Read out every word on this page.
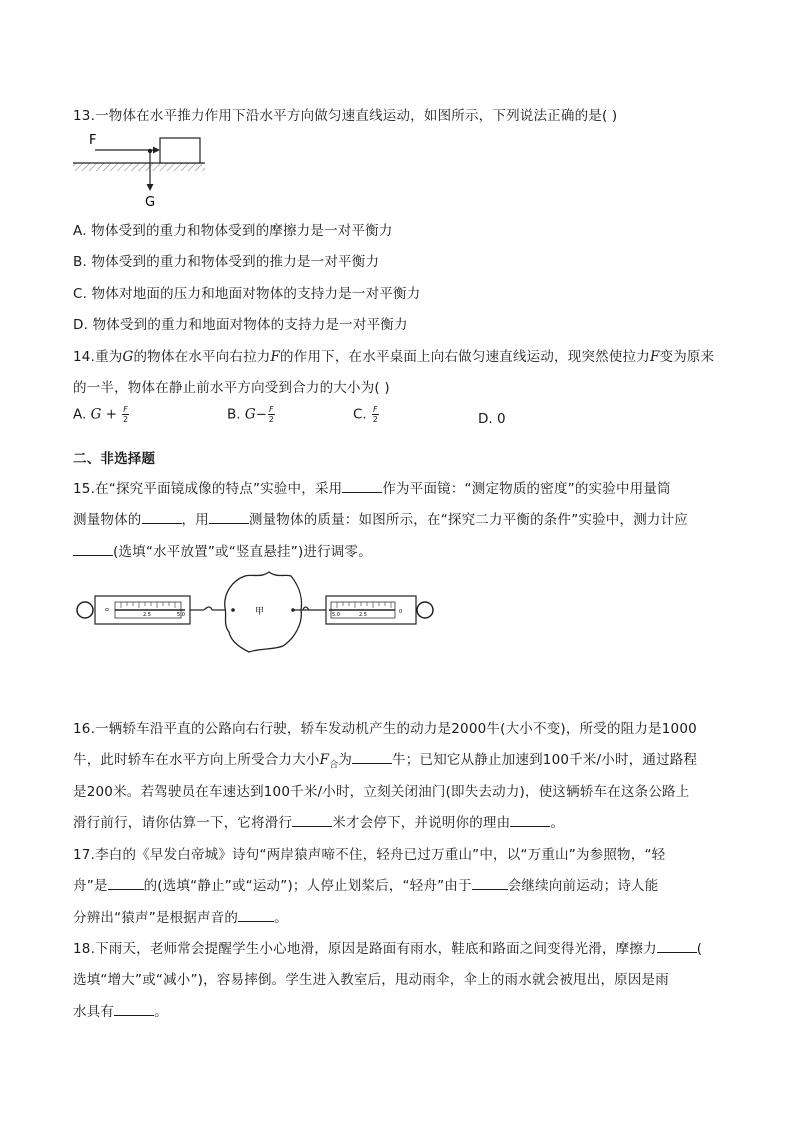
13.一物体在水平推力作用下沿水平方向做匀速直线运动，如图所示，下列说法正确的是( )
F
G
A. 物体受到的重力和物体受到的摩擦力是一对平衡力
B. 物体受到的重力和物体受到的推力是一对平衡力
C. 物体对地面的压力和地面对物体的支持力是一对平衡力
D. 物体受到的重力和地面对物体的支持力是一对平衡力
14.重为G的物体在水平向右拉力F的作用下，在水平桌面上向右做匀速直线运动，现突然使拉力F变为原来
的一半，物体在静止前水平方向受到合力的大小为( )
A. $G + \frac{F}{2}$	B. $G- \frac{F}{2}$	C. $\frac{F}{2}$	D. 0
二、非选择题
15.在“探究平面镜成像的特点”实验中，采用	作为平面镜：“测定物质的密度”的实验中用量筒
测量物体的	，用	测量物体的质量：如图所示，在“探究二力平衡的条件”实验中，测力计应
(选填“水平放置”或“竖直悬挂”)进行调零。
0
2.5	5.0	甲	5.0	2.5	0
16.一辆轿车沿平直的公路向右行驶，轿车发动机产生的动力是2000牛(大小不变)，所受的阻力是1000
牛，此时轿车在水平方向上所受合力大小$F_合$为	牛；已知它从静止加速到100千米/小时，通过路程
是200米。若驾驶员在车速达到100千米/小时，立刻关闭油门(即失去动力)，使这辆轿车在这条公路上
滑行前行，请你估算一下，它将滑行	米才会停下，并说明你的理由	。
17.李白的《早发白帝城》诗句“两岸猿声啼不住，轻舟已过万重山”中，以“万重山”为参照物，“轻
舟”是	的(选填“静止”或“运动”)；人停止划桨后，“轻舟”由于	会继续向前运动；诗人能
分辨出“猿声”是根据声音的	。
18.下雨天，老师常会提醒学生小心地滑，原因是路面有雨水，鞋底和路面之间变得光滑，摩擦力	(
选填“增大”或“减小”)，容易摔倒。学生进入教室后，甩动雨伞，伞上的雨水就会被甩出，原因是雨
水具有	。
